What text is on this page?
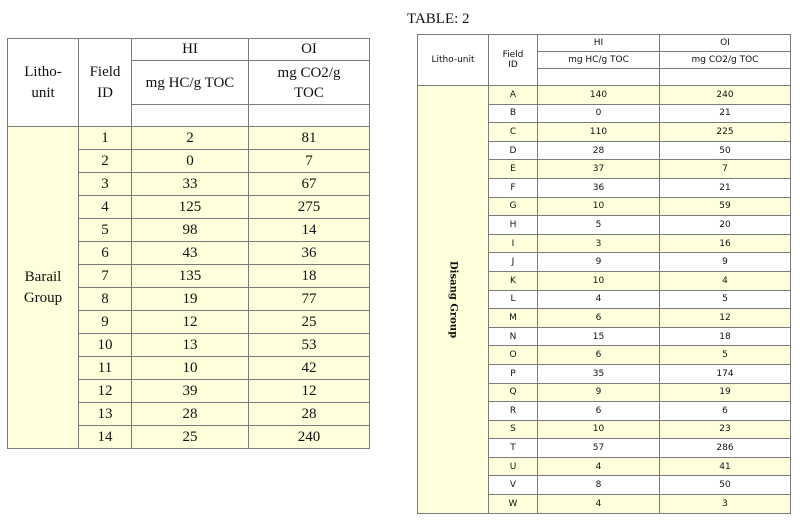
TABLE: 2
Litho-
unit	Field
ID	HI	OI
		mg HC/g TOC	mg CO2/g
TOC

Barail
Group	1	2	81
	2	0	7
	3	33	67
	4	125	275
	5	98	14
	6	43	36
	7	135	18
	8	19	77
	9	12	25
	10	13	53
	11	10	42
	12	39	12
	13	28	28
	14	25	240
Litho-unit	Field
ID	HI	OI
		mg HC/g TOC	mg CO2/g TOC

Disang Group	A	140	240
	B	0	21
	C	110	225
	D	28	50
	E	37	7
	F	36	21
	G	10	59
	H	5	20
	I	3	16
	J	9	9
	K	10	4
	L	4	5
	M	6	12
	N	15	18
	O	6	5
	P	35	174
	Q	9	19
	R	6	6
	S	10	23
	T	57	286
	U	4	41
	V	8	50
	W	4	3
